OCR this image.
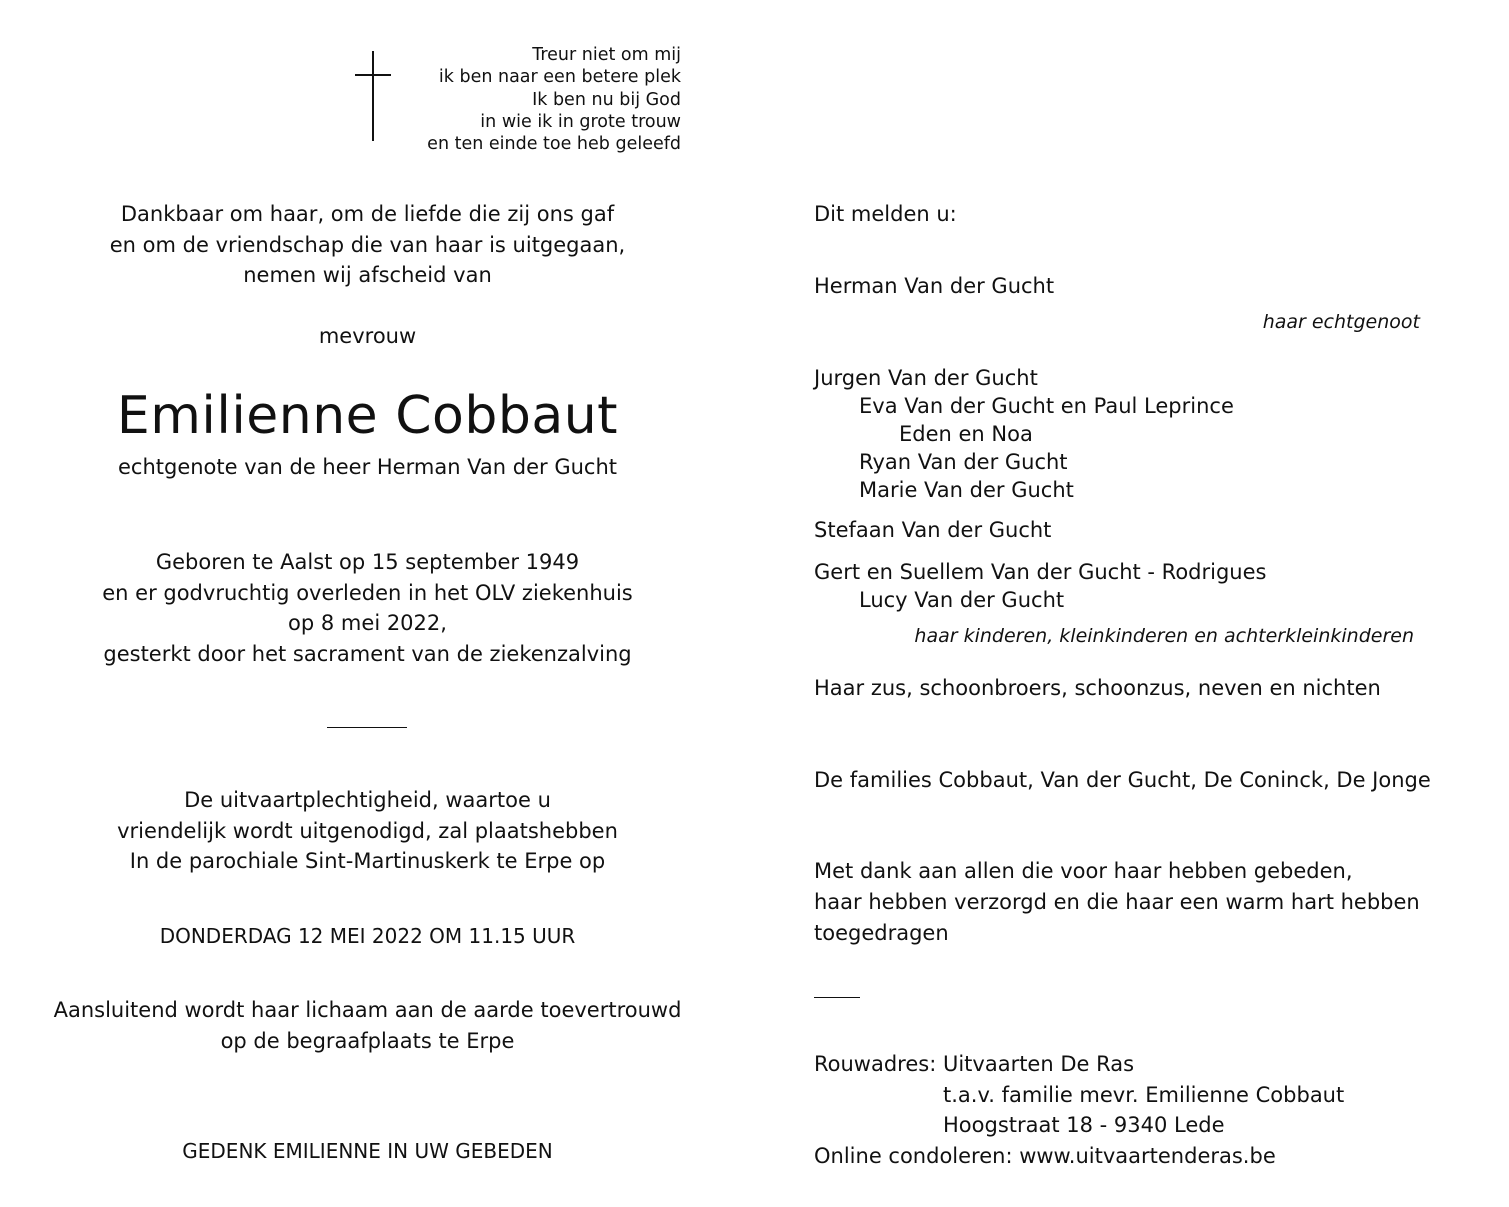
Treur niet om mij
ik ben naar een betere plek
Ik ben nu bij God
in wie ik in grote trouw
en ten einde toe heb geleefd
Dankbaar om haar, om de liefde die zij ons gaf
en om de vriendschap die van haar is uitgegaan,
nemen wij afscheid van
mevrouw
Emilienne Cobbaut
echtgenote van de heer Herman Van der Gucht
Geboren te Aalst op 15 september 1949
en er godvruchtig overleden in het OLV ziekenhuis
op 8 mei 2022,
gesterkt door het sacrament van de ziekenzalving
De uitvaartplechtigheid, waartoe u
vriendelijk wordt uitgenodigd, zal plaatshebben
In de parochiale Sint-Martinuskerk te Erpe op
DONDERDAG 12 MEI 2022 OM 11.15 UUR
Aansluitend wordt haar lichaam aan de aarde toevertrouwd
op de begraafplaats te Erpe
GEDENK EMILIENNE IN UW GEBEDEN
Dit melden u:
Herman Van der Gucht
haar echtgenoot
Jurgen Van der Gucht
Eva Van der Gucht en Paul Leprince
Eden en Noa
Ryan Van der Gucht
Marie Van der Gucht
Stefaan Van der Gucht
Gert en Suellem Van der Gucht - Rodrigues
Lucy Van der Gucht
haar kinderen, kleinkinderen en achterkleinkinderen
Haar zus, schoonbroers, schoonzus, neven en nichten
De families Cobbaut, Van der Gucht, De Coninck, De Jonge
Met dank aan allen die voor haar hebben gebeden,
haar hebben verzorgd en die haar een warm hart hebben
toegedragen
Rouwadres: Uitvaarten De Ras
t.a.v. familie mevr. Emilienne Cobbaut
Hoogstraat 18 - 9340 Lede
Online condoleren: www.uitvaartenderas.be
